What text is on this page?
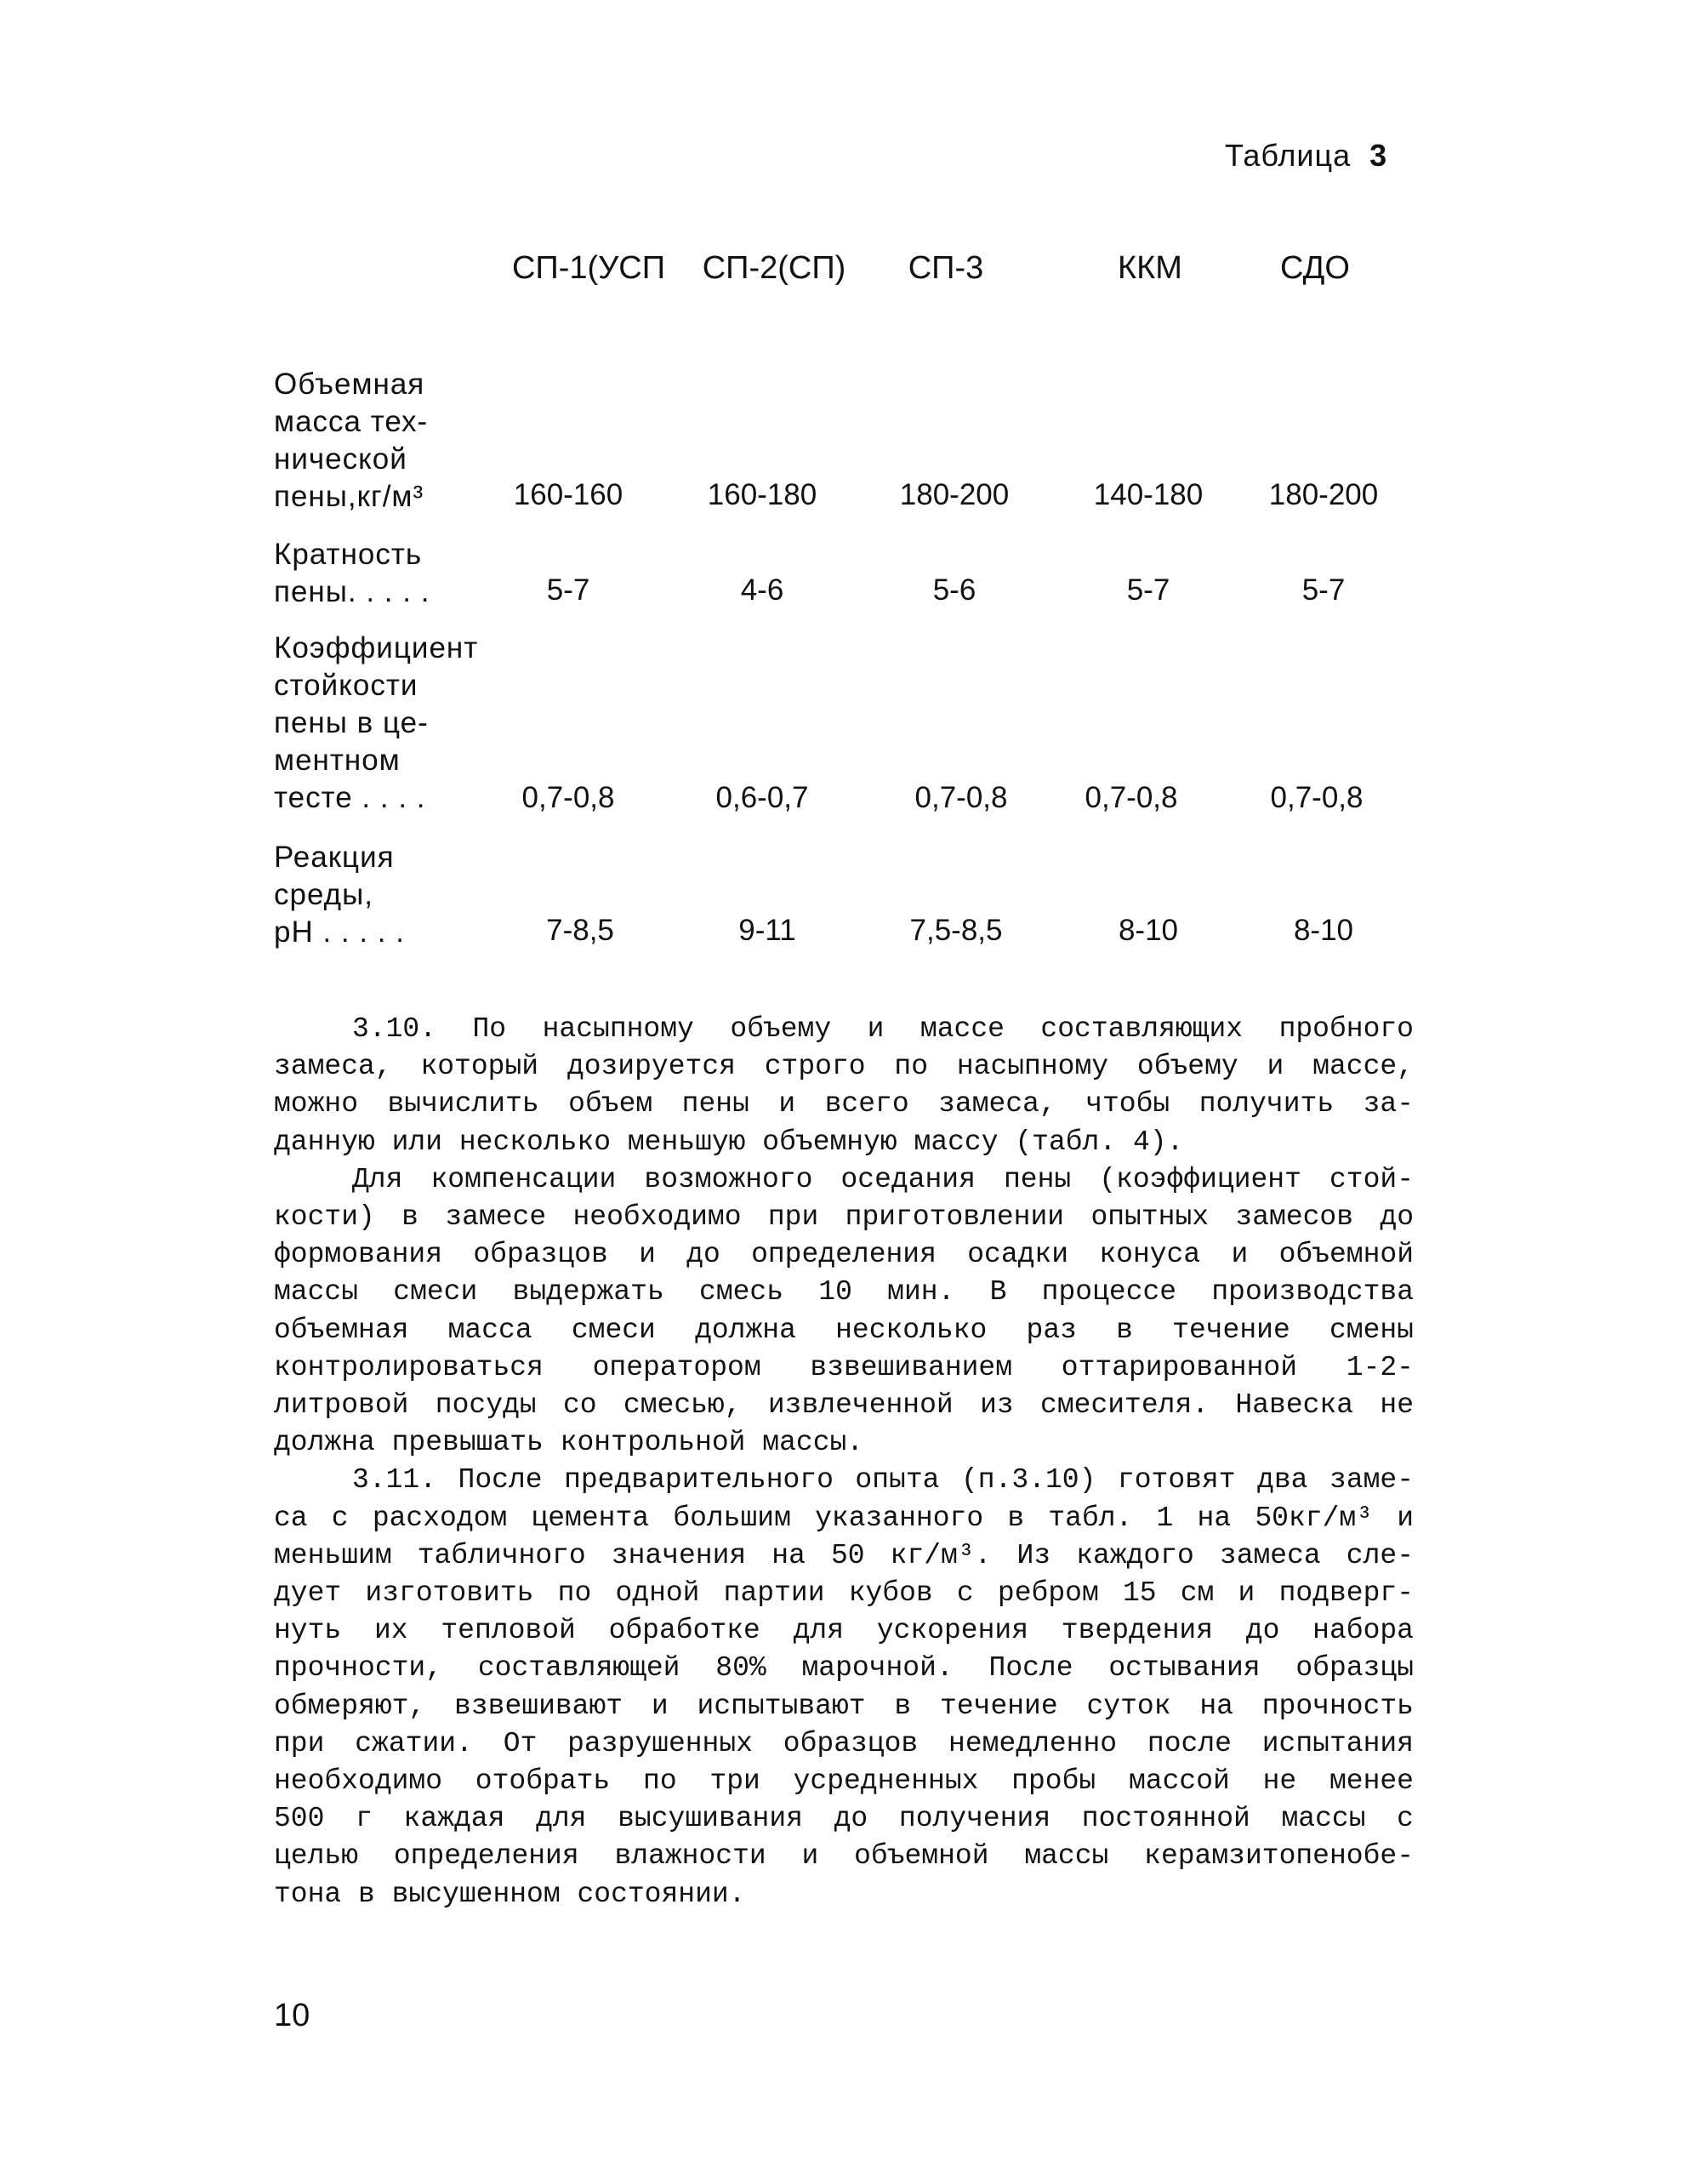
Таблица 3
СП-1(УСП СП-2(СП) СП-3	ККМ	СДО
Объемная
масса тех-
нической
пены,кг/м³	160-160	160-180	180-200	140-180 180-200
Кратность
пены. . . . .	5-7	4-6	5-6	5-7	5-7
Коэффициент
стойкости
пены в це-
ментном
тесте . . . .	0,7-0,8	0,6-0,7	0,7-0,8	0,7-0,8	0,7-0,8
Реакция
среды,
pH . . . . .	7-8,5	9-11	7,5-8,5	8-10	8-10

3.10. По насыпному объему и массе составляющих пробного
замеса, который дозируется строго по насыпному объему и массе,
можно вычислить объем пены и всего замеса, чтобы получить за-
данную или несколько меньшую объемную массу (табл. 4).

Для компенсации возможного оседания пены (коэффициент стой-
кости) в замесе необходимо при приготовлении опытных замесов до
формования образцов и до определения осадки конуса и объемной
массы смеси выдержать смесь 10 мин. В процессе производства
объемная масса смеси должна несколько раз в течение смены
контролироваться оператором взвешиванием оттарированной 1-2-
литровой посуды со смесью, извлеченной из смесителя. Навеска не
должна превышать контрольной массы.

3.11. После предварительного опыта (п.3.10) готовят два заме-
са с расходом цемента большим указанного в табл. 1 на 50кг/м³ и
меньшим табличного значения на 50 кг/м³. Из каждого замеса сле-
дует изготовить по одной партии кубов с ребром 15 см и подверг-
нуть их тепловой обработке для ускорения твердения до набора
прочности, составляющей 80% марочной. После остывания образцы
обмеряют, взвешивают и испытывают в течение суток на прочность
при сжатии. От разрушенных образцов немедленно после испытания
необходимо отобрать по три усредненных пробы массой не менее
500 г каждая для высушивания до получения постоянной массы с
целью определения влажности и объемной массы керамзитопенобе-
тона в высушенном состоянии.

10
